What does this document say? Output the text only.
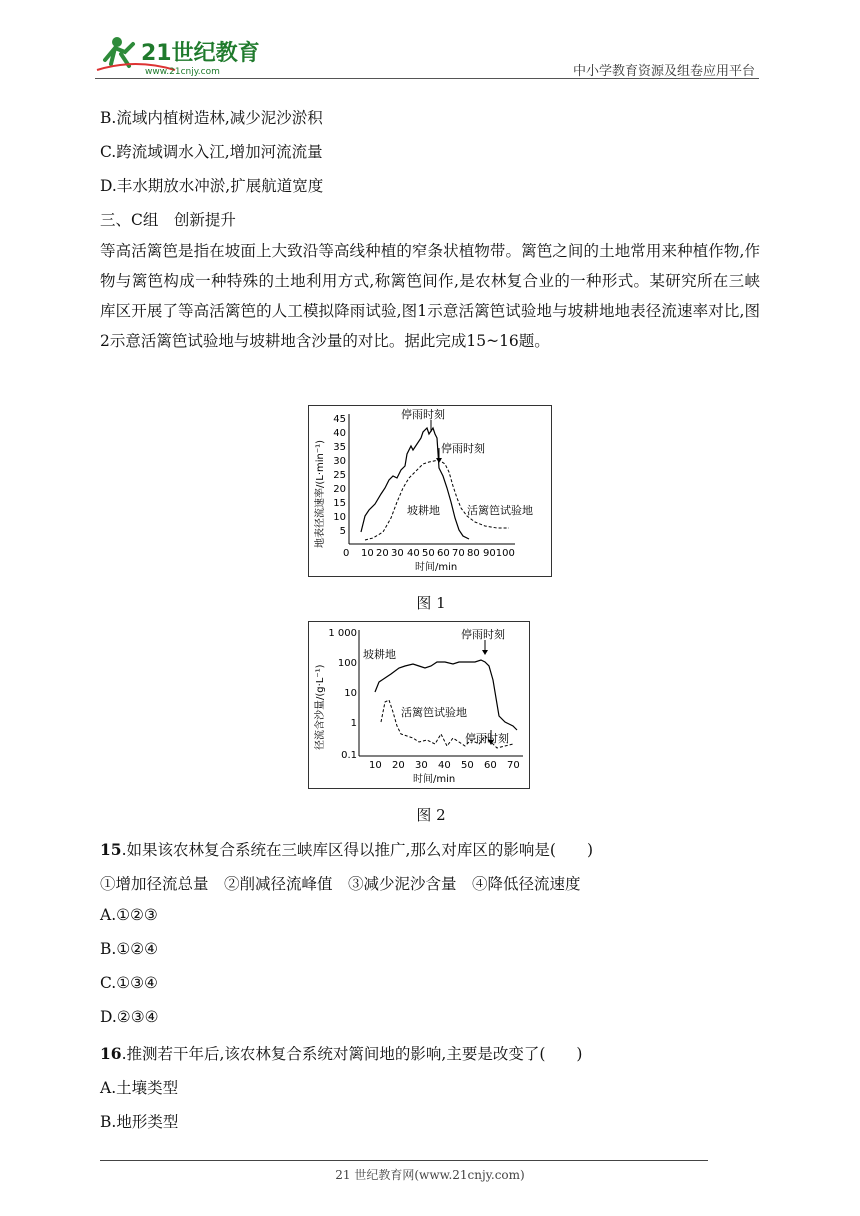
21世纪教育
www.21cnjy.com	中小学教育资源及组卷应用平台
B.流域内植树造林,减少泥沙淤积
C.跨流域调水入江,增加河流流量
D.丰水期放水冲淤,扩展航道宽度
三、C组　创新提升
等高活篱笆是指在坡面上大致沿等高线种植的窄条状植物带。篱笆之间的土地常用来种植作物,作物与篱笆构成一种特殊的土地利用方式,称篱笆间作,是农林复合业的一种形式。某研究所在三峡库区开展了等高活篱笆的人工模拟降雨试验,图1示意活篱笆试验地与坡耕地地表径流速率对比,图2示意活篱笆试验地与坡耕地含沙量的对比。据此完成15~16题。
地表径流速率/(L·min⁻¹)
45
40
35
30
25
20
15
10
5
0 10 20 30 40 50 60 70 80 90100
时间/min
停雨时刻
停雨时刻
坡耕地 活篱笆试验地
图 1
径流含沙量/(g·L⁻¹)
1 000
100
10
1
0.1
10 20 30 40 50 60 70
时间/min
停雨时刻
坡耕地
活篱笆试验地
停雨时刻
图 2
15.如果该农林复合系统在三峡库区得以推广,那么对库区的影响是(　　)
①增加径流总量　②削减径流峰值　③减少泥沙含量　④降低径流速度
A.①②③
B.①②④
C.①③④
D.②③④
16.推测若干年后,该农林复合系统对篱间地的影响,主要是改变了(　　)
A.土壤类型
B.地形类型
21 世纪教育网(www.21cnjy.com)
